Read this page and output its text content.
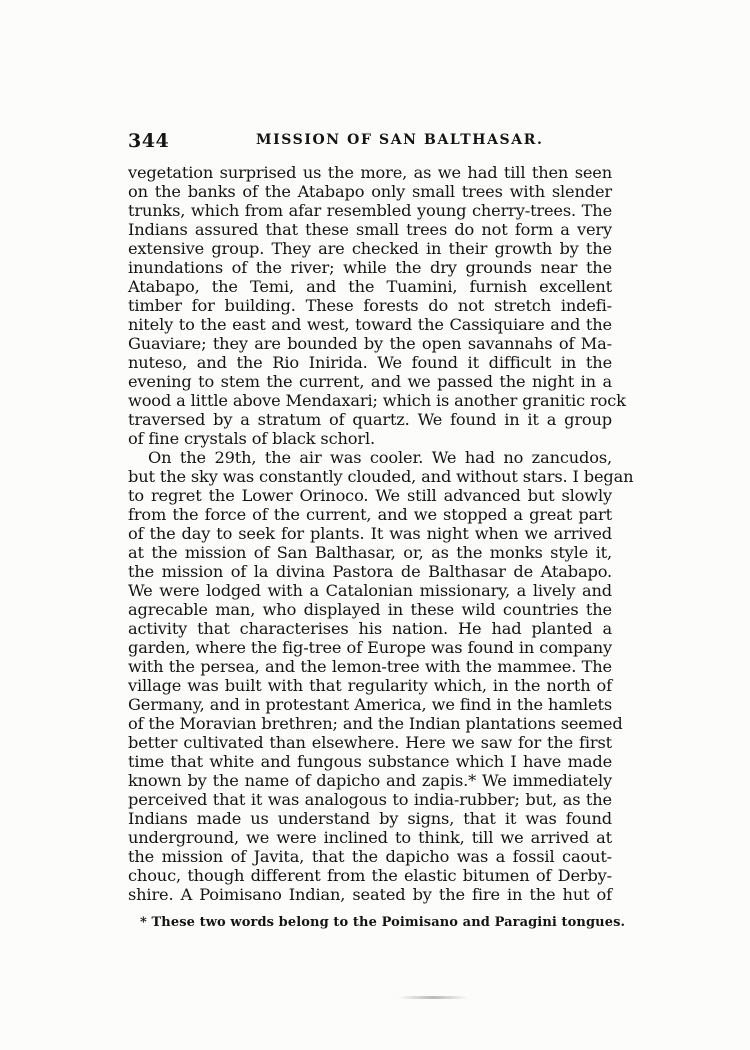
344	MISSION OF SAN BALTHASAR.
vegetation surprised us the more, as we had till then seen
on the banks of the Atabapo only small trees with slender
trunks, which from afar resembled young cherry-trees. The
Indians assured that these small trees do not form a very
extensive group. They are checked in their growth by the
inundations of the river; while the dry grounds near the
Atabapo, the Temi, and the Tuamini, furnish excellent
timber for building. These forests do not stretch indefi-
nitely to the east and west, toward the Cassiquiare and the
Guaviare; they are bounded by the open savannahs of Ma-
nuteso, and the Rio Inirida. We found it difficult in the
evening to stem the current, and we passed the night in a
wood a little above Mendaxari; which is another granitic rock
traversed by a stratum of quartz. We found in it a group
of fine crystals of black schorl.
On the 29th, the air was cooler. We had no zancudos,
but the sky was constantly clouded, and without stars. I began
to regret the Lower Orinoco. We still advanced but slowly
from the force of the current, and we stopped a great part
of the day to seek for plants. It was night when we arrived
at the mission of San Balthasar, or, as the monks style it,
the mission of la divina Pastora de Balthasar de Atabapo.
We were lodged with a Catalonian missionary, a lively and
agrecable man, who displayed in these wild countries the
activity that characterises his nation. He had planted a
garden, where the fig-tree of Europe was found in company
with the persea, and the lemon-tree with the mammee. The
village was built with that regularity which, in the north of
Germany, and in protestant America, we find in the hamlets
of the Moravian brethren; and the Indian plantations seemed
better cultivated than elsewhere. Here we saw for the first
time that white and fungous substance which I have made
known by the name of dapicho and zapis.* We immediately
perceived that it was analogous to india-rubber; but, as the
Indians made us understand by signs, that it was found
underground, we were inclined to think, till we arrived at
the mission of Javita, that the dapicho was a fossil caout-
chouc, though different from the elastic bitumen of Derby-
shire. A Poimisano Indian, seated by the fire in the hut of
* These two words belong to the Poimisano and Paragini tongues.
